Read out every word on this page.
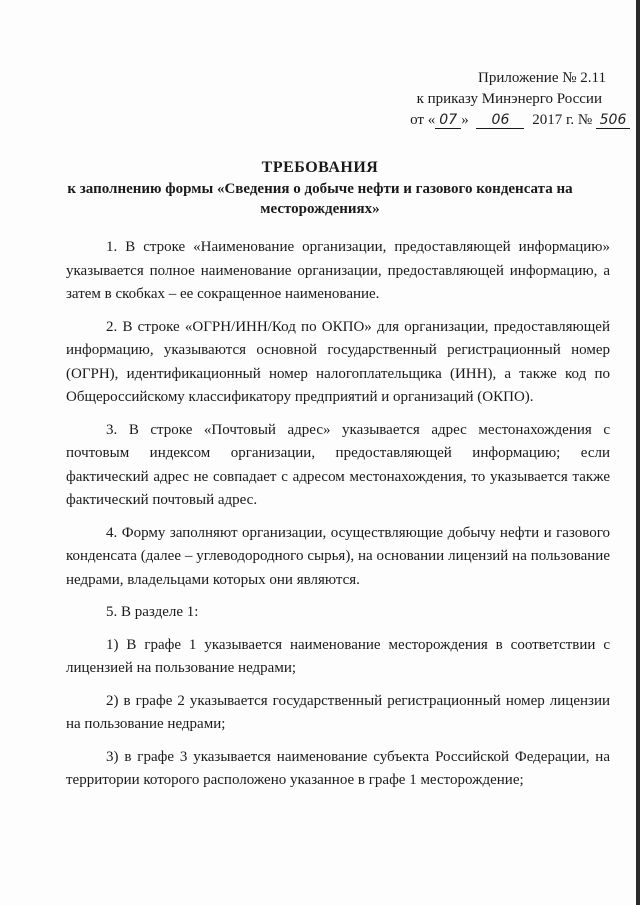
Приложение № 2.11
к приказу Минэнерго России
от « 07 » 06 2017 г. № 506
ТРЕБОВАНИЯ
к заполнению формы «Сведения о добыче нефти и газового конденсата на месторождениях»

1. В строке «Наименование организации, предоставляющей информацию» указывается полное наименование организации, предоставляющей информацию, а затем в скобках – ее сокращенное наименование.

2. В строке «ОГРН/ИНН/Код по ОКПО» для организации, предоставляющей информацию, указываются основной государственный регистрационный номер (ОГРН), идентификационный номер налогоплательщика (ИНН), а также код по Общероссийскому классификатору предприятий и организаций (ОКПО).

3. В строке «Почтовый адрес» указывается адрес местонахождения с почтовым индексом организации, предоставляющей информацию; если фактический адрес не совпадает с адресом местонахождения, то указывается также фактический почтовый адрес.

4. Форму заполняют организации, осуществляющие добычу нефти и газового конденсата (далее – углеводородного сырья), на основании лицензий на пользование недрами, владельцами которых они являются.

5. В разделе 1:

1) В графе 1 указывается наименование месторождения в соответствии с лицензией на пользование недрами;

2) в графе 2 указывается государственный регистрационный номер лицензии на пользование недрами;

3) в графе 3 указывается наименование субъекта Российской Федерации, на территории которого расположено указанное в графе 1 месторождение;
